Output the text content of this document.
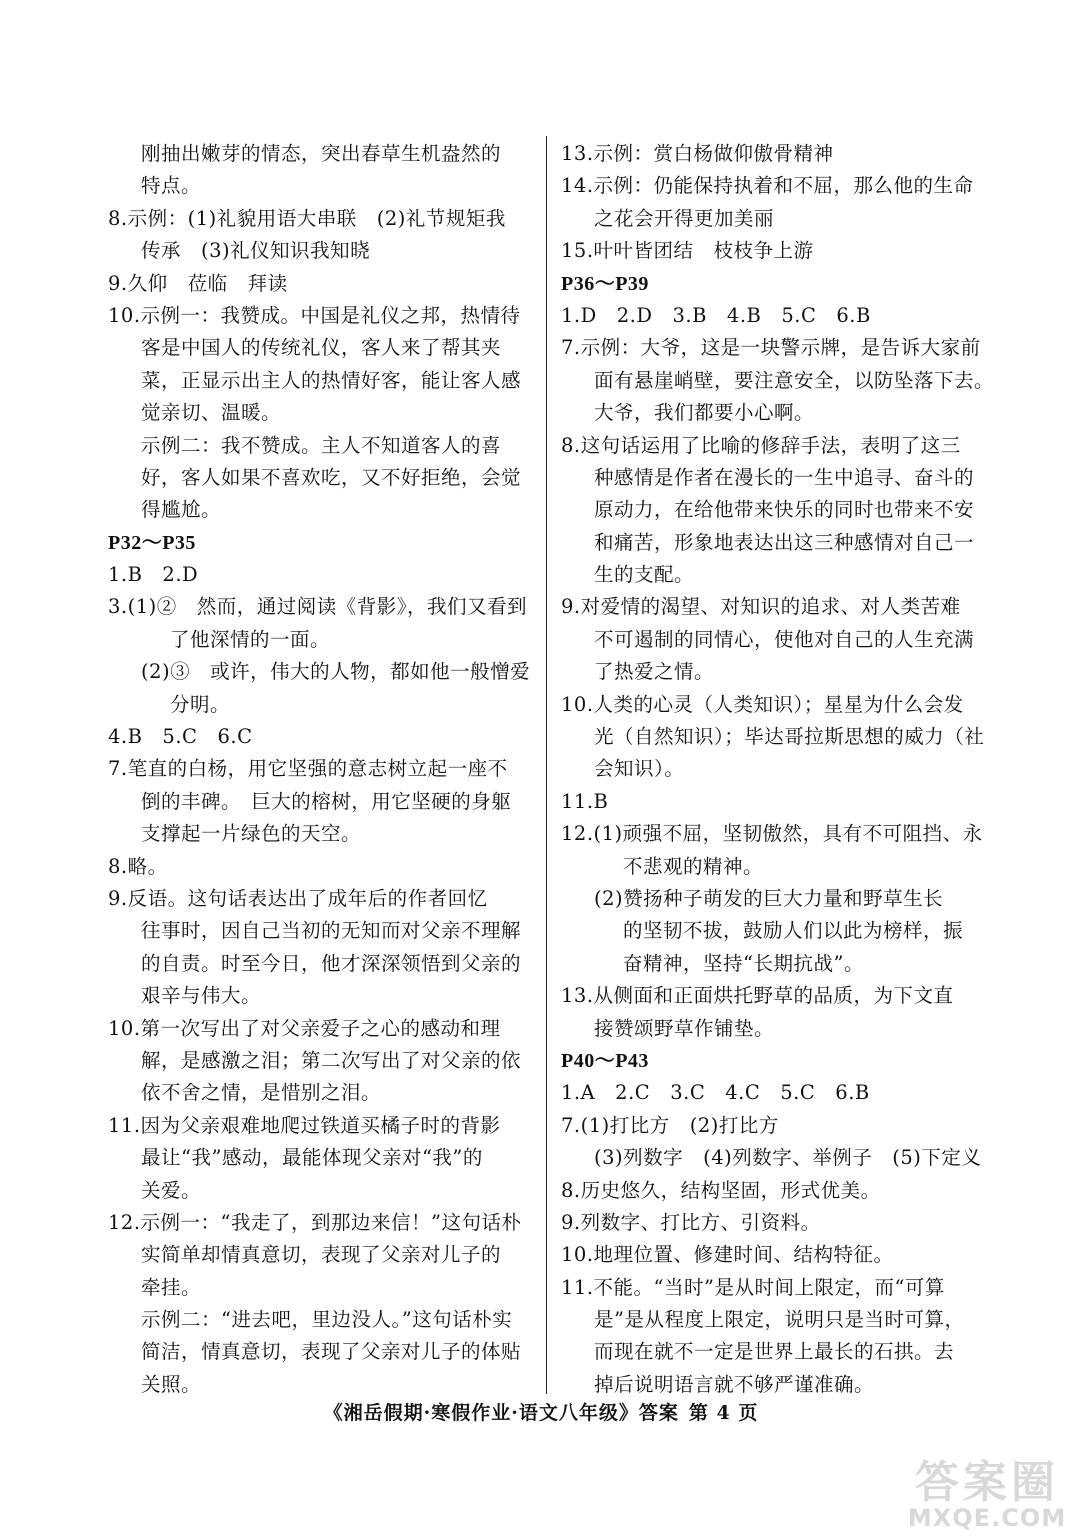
刚抽出嫩芽的情态，突出春草生机盎然的
特点。
8.示例：(1)礼貌用语大串联　(2)礼节规矩我
传承　(3)礼仪知识我知晓
9.久仰　莅临　拜读
10.示例一：我赞成。中国是礼仪之邦，热情待
客是中国人的传统礼仪，客人来了帮其夹
菜，正显示出主人的热情好客，能让客人感
觉亲切、温暖。
示例二：我不赞成。主人不知道客人的喜
好，客人如果不喜欢吃，又不好拒绝，会觉
得尴尬。
P32～P35
1.B　2.D
3.(1)②　然而，通过阅读《背影》，我们又看到
了他深情的一面。
(2)③　或许，伟大的人物，都如他一般憎爱
分明。
4.B　5.C　6.C
7.笔直的白杨，用它坚强的意志树立起一座不
倒的丰碑。　巨大的榕树，用它坚硬的身躯
支撑起一片绿色的天空。
8.略。
9.反语。这句话表达出了成年后的作者回忆
往事时，因自己当初的无知而对父亲不理解
的自责。时至今日，他才深深领悟到父亲的
艰辛与伟大。
10.第一次写出了对父亲爱子之心的感动和理
解，是感激之泪；第二次写出了对父亲的依
依不舍之情，是惜别之泪。
11.因为父亲艰难地爬过铁道买橘子时的背影
最让“我”感动，最能体现父亲对“我”的
关爱。
12.示例一：“我走了，到那边来信！”这句话朴
实简单却情真意切，表现了父亲对儿子的
牵挂。
示例二：“进去吧，里边没人。”这句话朴实
简洁，情真意切，表现了父亲对儿子的体贴
关照。
13.示例：赏白杨做仰傲骨精神
14.示例：仍能保持执着和不屈，那么他的生命
之花会开得更加美丽
15.叶叶皆团结　枝枝争上游
P36～P39
1.D　2.D　3.B　4.B　5.C　6.B
7.示例：大爷，这是一块警示牌，是告诉大家前
面有悬崖峭壁，要注意安全，以防坠落下去。
大爷，我们都要小心啊。
8.这句话运用了比喻的修辞手法，表明了这三
种感情是作者在漫长的一生中追寻、奋斗的
原动力，在给他带来快乐的同时也带来不安
和痛苦，形象地表达出这三种感情对自己一
生的支配。
9.对爱情的渴望、对知识的追求、对人类苦难
不可遏制的同情心，使他对自己的人生充满
了热爱之情。
10.人类的心灵（人类知识）；星星为什么会发
光（自然知识）；毕达哥拉斯思想的威力（社
会知识）。
11.B
12.(1)顽强不屈，坚韧傲然，具有不可阻挡、永
不悲观的精神。
(2)赞扬种子萌发的巨大力量和野草生长
的坚韧不拔，鼓励人们以此为榜样，振
奋精神，坚持“长期抗战”。
13.从侧面和正面烘托野草的品质，为下文直
接赞颂野草作铺垫。
P40～P43
1.A　2.C　3.C　4.C　5.C　6.B
7.(1)打比方　(2)打比方
(3)列数字　(4)列数字、举例子　(5)下定义
8.历史悠久，结构坚固，形式优美。
9.列数字、打比方、引资料。
10.地理位置、修建时间、结构特征。
11.不能。“当时”是从时间上限定，而“可算
是”是从程度上限定，说明只是当时可算，
而现在就不一定是世界上最长的石拱。去
掉后说明语言就不够严谨准确。
《湘岳假期·寒假作业·语文八年级》答案 第 4 页
答案圈
MXQE.COM
